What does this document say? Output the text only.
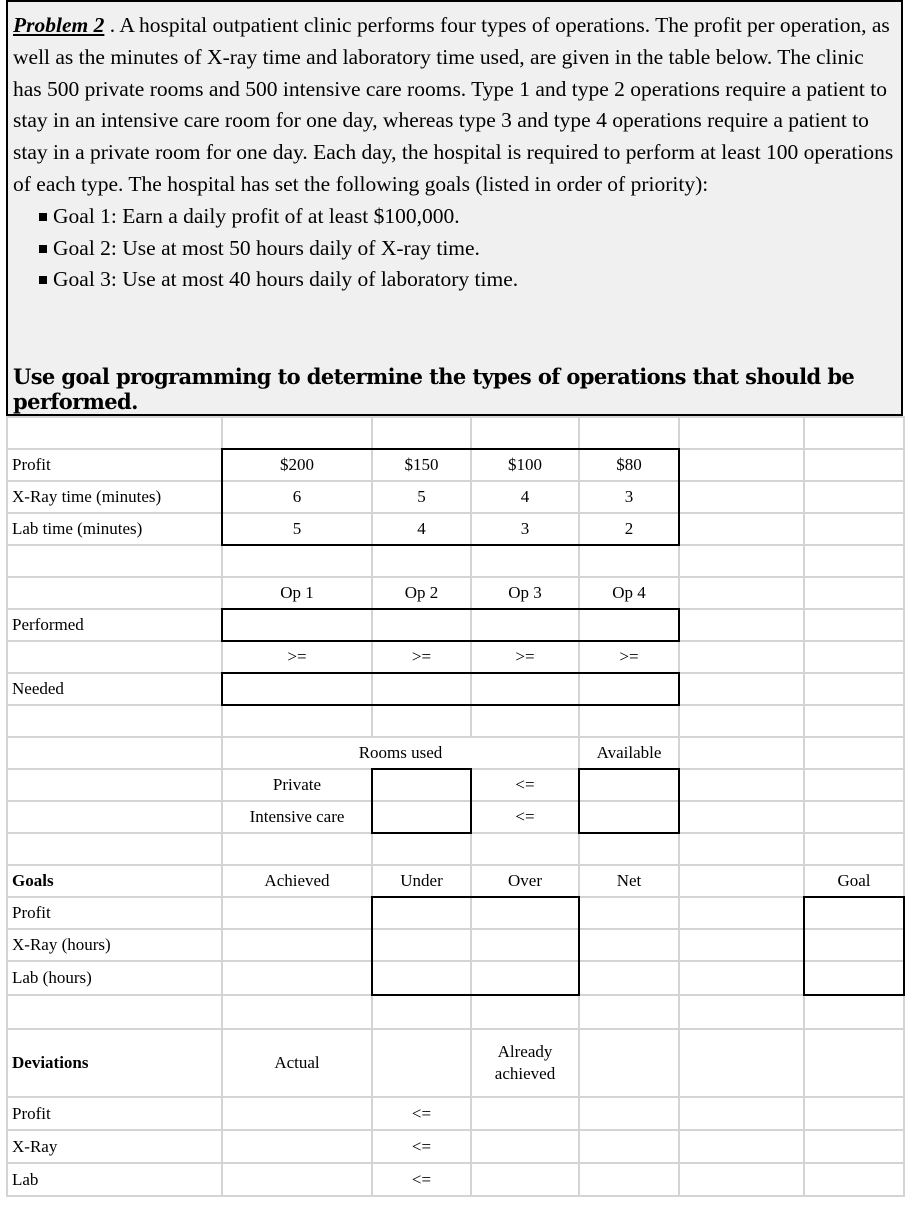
Problem 2 . A hospital outpatient clinic performs four types of operations. The profit per operation, as well as the minutes of X-ray time and laboratory time used, are given in the table below. The clinic has 500 private rooms and 500 intensive care rooms. Type 1 and type 2 operations require a patient to stay in an intensive care room for one day, whereas type 3 and type 4 operations require a patient to stay in a private room for one day. Each day, the hospital is required to perform at least 100 operations of each type. The hospital has set the following goals (listed in order of priority):
Goal 1: Earn a daily profit of at least $100,000.
Goal 2: Use at most 50 hours daily of X-ray time.
Goal 3: Use at most 40 hours daily of laboratory time.
Use goal programming to determine the types of operations that should be performed.

Profit	$200	$150	$100	$80		
X-Ray time (minutes)	6	5	4	3		
Lab time (minutes)	5	4	3	2		

	Op 1	Op 2	Op 3	Op 4		
Performed						
	>=	>=	>=	>=		
Needed						

	Rooms used			Available		
	Private		<=			
	Intensive care		<=			

Goals	Achieved	Under	Over	Net		Goal
Profit						
X-Ray (hours)						
Lab (hours)						

Deviations	Actual		Already achieved			
Profit		<=				
X-Ray		<=				
Lab		<=				
